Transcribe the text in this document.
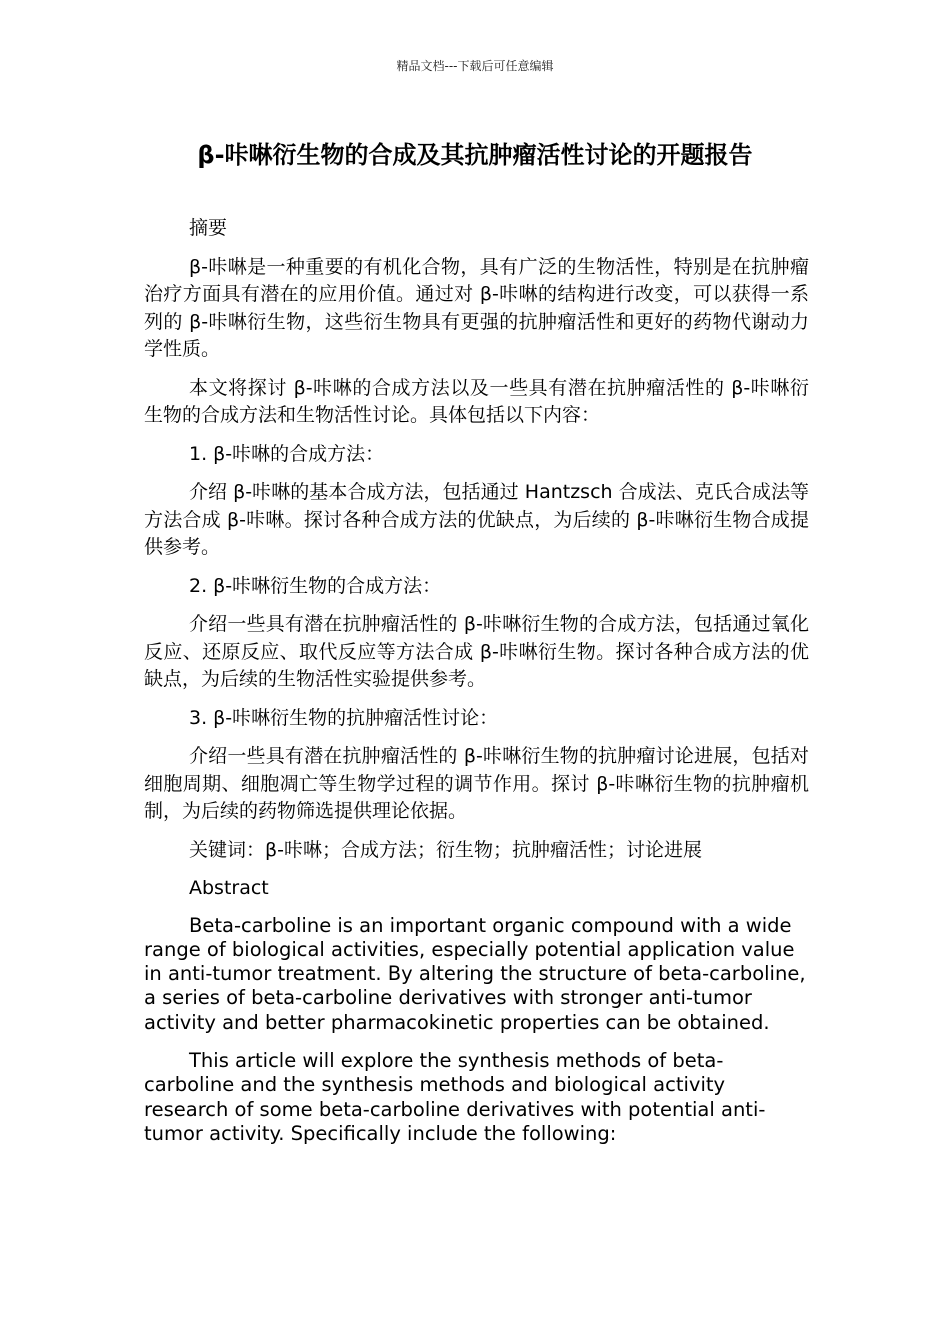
精品文档---下载后可任意编辑
β-咔啉衍生物的合成及其抗肿瘤活性讨论的开题报告

摘要

β-咔啉是一种重要的有机化合物，具有广泛的生物活性，特别是在抗肿瘤治疗方面具有潜在的应用价值。通过对 β-咔啉的结构进行改变，可以获得一系列的 β-咔啉衍生物，这些衍生物具有更强的抗肿瘤活性和更好的药物代谢动力学性质。

本文将探讨 β-咔啉的合成方法以及一些具有潜在抗肿瘤活性的 β-咔啉衍生物的合成方法和生物活性讨论。具体包括以下内容：

1. β-咔啉的合成方法：

介绍 β-咔啉的基本合成方法，包括通过 Hantzsch 合成法、克氏合成法等方法合成 β-咔啉。探讨各种合成方法的优缺点，为后续的 β-咔啉衍生物合成提供参考。

2. β-咔啉衍生物的合成方法：

介绍一些具有潜在抗肿瘤活性的 β-咔啉衍生物的合成方法，包括通过氧化反应、还原反应、取代反应等方法合成 β-咔啉衍生物。探讨各种合成方法的优缺点，为后续的生物活性实验提供参考。

3. β-咔啉衍生物的抗肿瘤活性讨论：

介绍一些具有潜在抗肿瘤活性的 β-咔啉衍生物的抗肿瘤讨论进展，包括对细胞周期、细胞凋亡等生物学过程的调节作用。探讨 β-咔啉衍生物的抗肿瘤机制，为后续的药物筛选提供理论依据。

关键词：β-咔啉；合成方法；衍生物；抗肿瘤活性；讨论进展

Abstract

Beta-carboline is an important organic compound with a wide range of biological activities, especially potential application value in anti-tumor treatment. By altering the structure of beta-carboline, a series of beta-carboline derivatives with stronger anti-tumor activity and better pharmacokinetic properties can be obtained.

This article will explore the synthesis methods of beta-carboline and the synthesis methods and biological activity research of some beta-carboline derivatives with potential anti-tumor activity. Specifically include the following:
